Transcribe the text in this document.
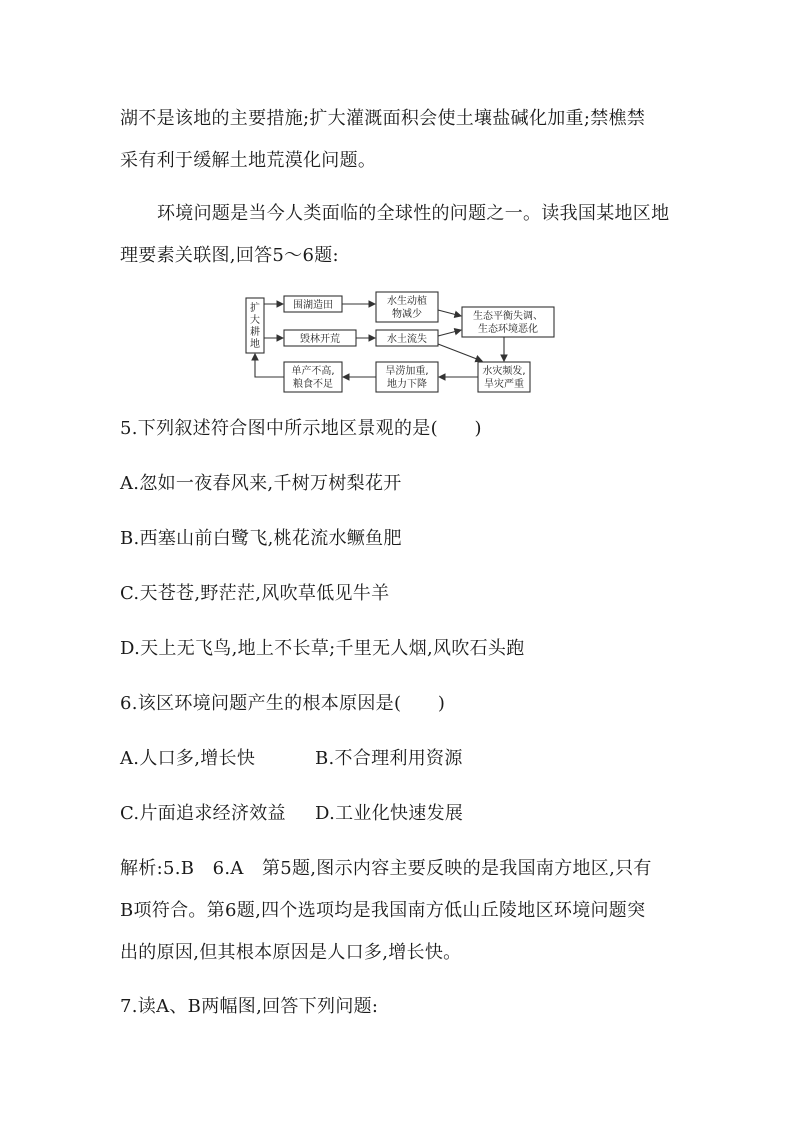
湖不是该地的主要措施;扩大灌溉面积会使土壤盐碱化加重;禁樵禁
采有利于缓解土地荒漠化问题。
环境问题是当今人类面临的全球性的问题之一。读我国某地区地
理要素关联图,回答5～6题:
扩
大
耕
地
围湖造田
毁林开荒
水生动植
物减少
水土流失
生态平衡失调、
生态环境恶化
水灾频发,
旱灾严重
旱涝加重,
地力下降
单产不高,
粮食不足
5.下列叙述符合图中所示地区景观的是(　　)
A.忽如一夜春风来,千树万树梨花开
B.西塞山前白鹭飞,桃花流水鳜鱼肥
C.天苍苍,野茫茫,风吹草低见牛羊
D.天上无飞鸟,地上不长草;千里无人烟,风吹石头跑
6.该区环境问题产生的根本原因是(　　)
A.人口多,增长快	B.不合理利用资源
C.片面追求经济效益 D.工业化快速发展
解析:5.B　6.A　第5题,图示内容主要反映的是我国南方地区,只有
B项符合。第6题,四个选项均是我国南方低山丘陵地区环境问题突
出的原因,但其根本原因是人口多,增长快。
7.读A、B两幅图,回答下列问题:
